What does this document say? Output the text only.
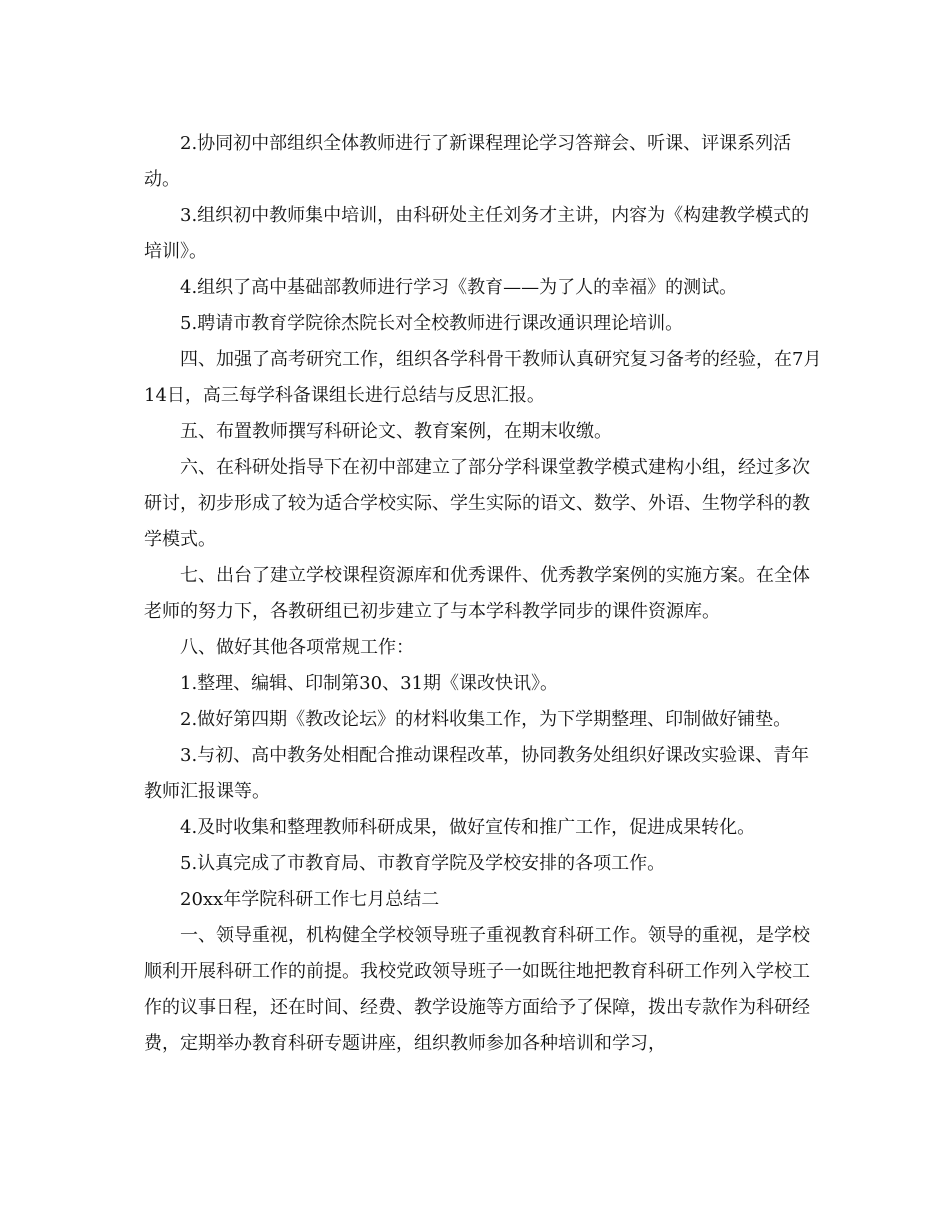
2.协同初中部组织全体教师进行了新课程理论学习答辩会、听课、评课系列活动。

3.组织初中教师集中培训，由科研处主任刘务才主讲，内容为《构建教学模式的培训》。

4.组织了高中基础部教师进行学习《教育——为了人的幸福》的测试。

5.聘请市教育学院徐杰院长对全校教师进行课改通识理论培训。

四、加强了高考研究工作，组织各学科骨干教师认真研究复习备考的经验，在7月14日，高三每学科备课组长进行总结与反思汇报。

五、布置教师撰写科研论文、教育案例，在期末收缴。

六、在科研处指导下在初中部建立了部分学科课堂教学模式建构小组，经过多次研讨，初步形成了较为适合学校实际、学生实际的语文、数学、外语、生物学科的教学模式。

七、出台了建立学校课程资源库和优秀课件、优秀教学案例的实施方案。在全体老师的努力下，各教研组已初步建立了与本学科教学同步的课件资源库。

八、做好其他各项常规工作：

1.整理、编辑、印制第30、31期《课改快讯》。

2.做好第四期《教改论坛》的材料收集工作，为下学期整理、印制做好铺垫。

3.与初、高中教务处相配合推动课程改革，协同教务处组织好课改实验课、青年教师汇报课等。

4.及时收集和整理教师科研成果，做好宣传和推广工作，促进成果转化。

5.认真完成了市教育局、市教育学院及学校安排的各项工作。

20xx年学院科研工作七月总结二

一、领导重视，机构健全学校领导班子重视教育科研工作。领导的重视，是学校顺利开展科研工作的前提。我校党政领导班子一如既往地把教育科研工作列入学校工作的议事日程，还在时间、经费、教学设施等方面给予了保障，拨出专款作为科研经费，定期举办教育科研专题讲座，组织教师参加各种培训和学习，
